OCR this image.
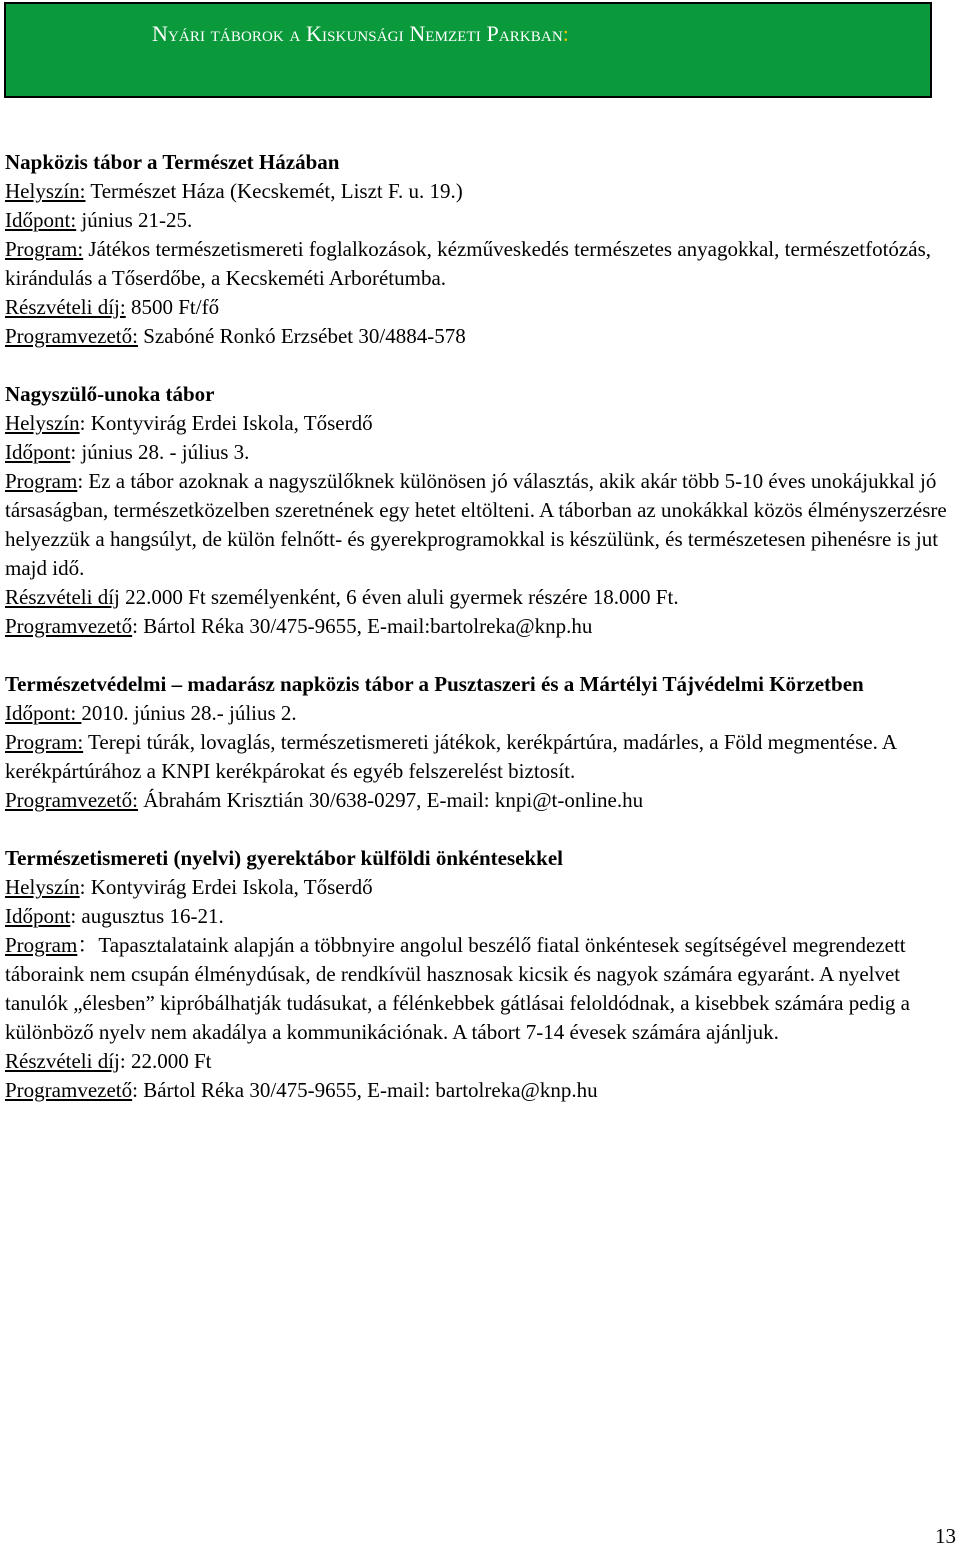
Nyári táborok a Kiskunsági Nemzeti Parkban:

Napközis tábor a Természet Házában

Helyszín: Természet Háza (Kecskemét, Liszt F. u. 19.)

Időpont: június 21-25.

Program: Játékos természetismereti foglalkozások, kézműveskedés természetes anyagokkal, természetfotózás, kirándulás a Tőserdőbe, a Kecskeméti Arborétumba.

Részvételi díj: 8500 Ft/fő

Programvezető: Szabóné Ronkó Erzsébet 30/4884-578

Nagyszülő-unoka tábor

Helyszín: Kontyvirág Erdei Iskola, Tőserdő

Időpont: június 28. - július 3.

Program: Ez a tábor azoknak a nagyszülőknek különösen jó választás, akik akár több 5-10 éves unokájukkal jó társaságban, természetközelben szeretnének egy hetet eltölteni. A táborban az unokákkal közös élményszerzésre helyezzük a hangsúlyt, de külön felnőtt- és gyerekprogramokkal is készülünk, és természetesen pihenésre is jut majd idő.

Részvételi díj 22.000 Ft személyenként, 6 éven aluli gyermek részére 18.000 Ft.

Programvezető: Bártol Réka 30/475-9655, E-mail:bartolreka@knp.hu

Természetvédelmi – madarász napközis tábor a Pusztaszeri és a Mártélyi Tájvédelmi Körzetben

Időpont: 2010. június 28.- július 2.

Program: Terepi túrák, lovaglás, természetismereti játékok, kerékpártúra, madárles, a Föld megmentése. A kerékpártúrához a KNPI kerékpárokat és egyéb felszerelést biztosít.

Programvezető: Ábrahám Krisztián 30/638-0297, E-mail: knpi@t-online.hu

Természetismereti (nyelvi) gyerektábor külföldi önkéntesekkel

Helyszín: Kontyvirág Erdei Iskola, Tőserdő

Időpont: augusztus 16-21.

Program：Tapasztalataink alapján a többnyire angolul beszélő fiatal önkéntesek segítségével megrendezett táboraink nem csupán élménydúsak, de rendkívül hasznosak kicsik és nagyok számára egyaránt. A nyelvet tanulók „élesben” kipróbálhatják tudásukat, a félénkebbek gátlásai feloldódnak, a kisebbek számára pedig a különböző nyelv nem akadálya a kommunikációnak. A tábort 7-14 évesek számára ajánljuk.

Részvételi díj: 22.000 Ft

Programvezető: Bártol Réka 30/475-9655, E-mail: bartolreka@knp.hu

13
